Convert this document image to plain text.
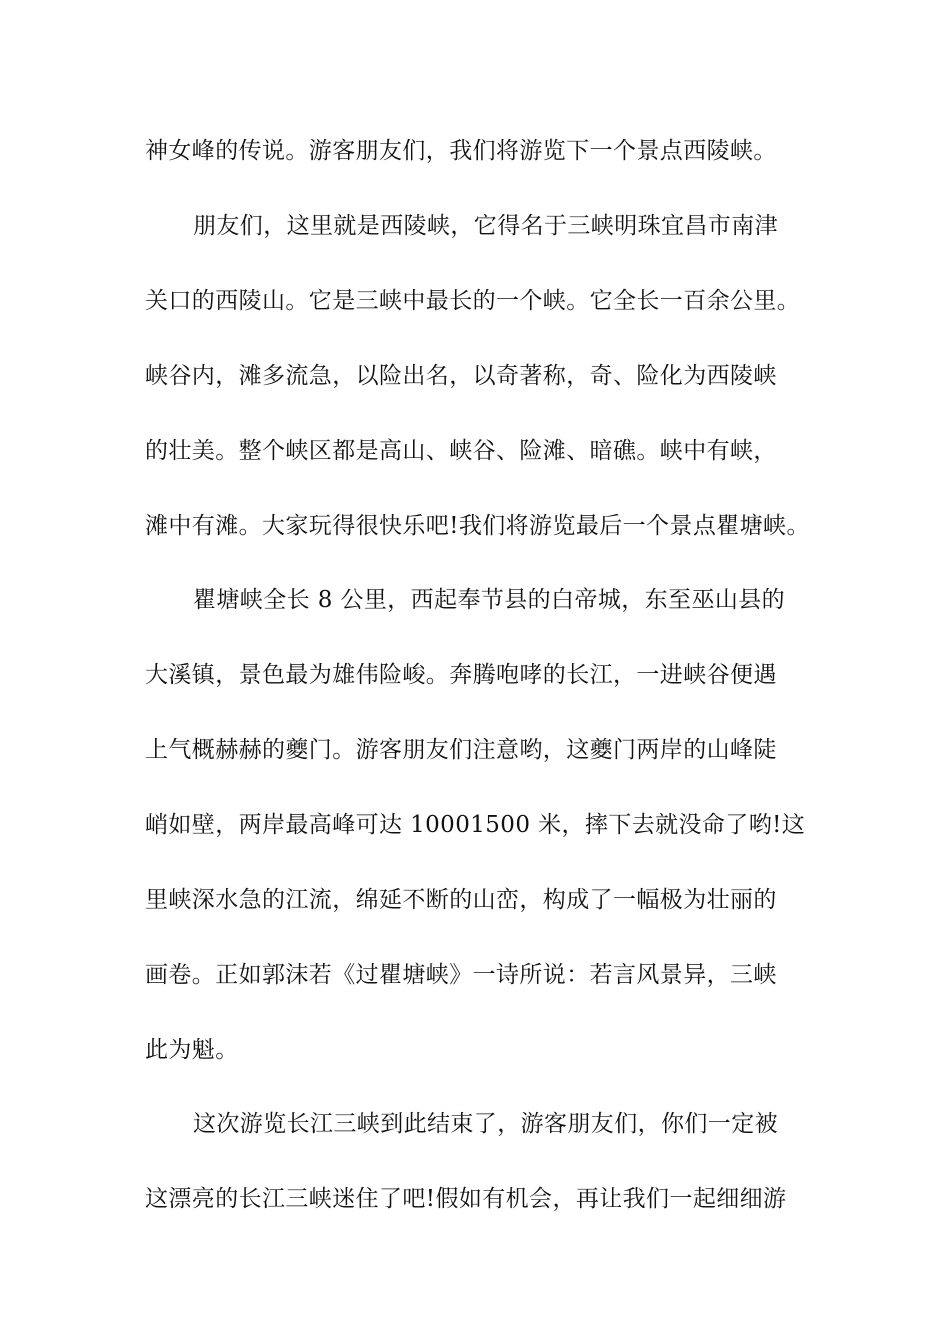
神女峰的传说。游客朋友们，我们将游览下一个景点西陵峡。
朋友们，这里就是西陵峡，它得名于三峡明珠宜昌市南津
关口的西陵山。它是三峡中最长的一个峡。它全长一百余公里。
峡谷内，滩多流急，以险出名，以奇著称，奇、险化为西陵峡
的壮美。整个峡区都是高山、峡谷、险滩、暗礁。峡中有峡，
滩中有滩。大家玩得很快乐吧!我们将游览最后一个景点瞿塘峡。
瞿塘峡全长 8 公里，西起奉节县的白帝城，东至巫山县的
大溪镇，景色最为雄伟险峻。奔腾咆哮的长江，一进峡谷便遇
上气概赫赫的夔门。游客朋友们注意哟，这夔门两岸的山峰陡
峭如壁，两岸最高峰可达 10001500 米，摔下去就没命了哟!这
里峡深水急的江流，绵延不断的山峦，构成了一幅极为壮丽的
画卷。正如郭沫若《过瞿塘峡》一诗所说：若言风景异，三峡
此为魁。
这次游览长江三峡到此结束了，游客朋友们，你们一定被
这漂亮的长江三峡迷住了吧!假如有机会，再让我们一起细细游
